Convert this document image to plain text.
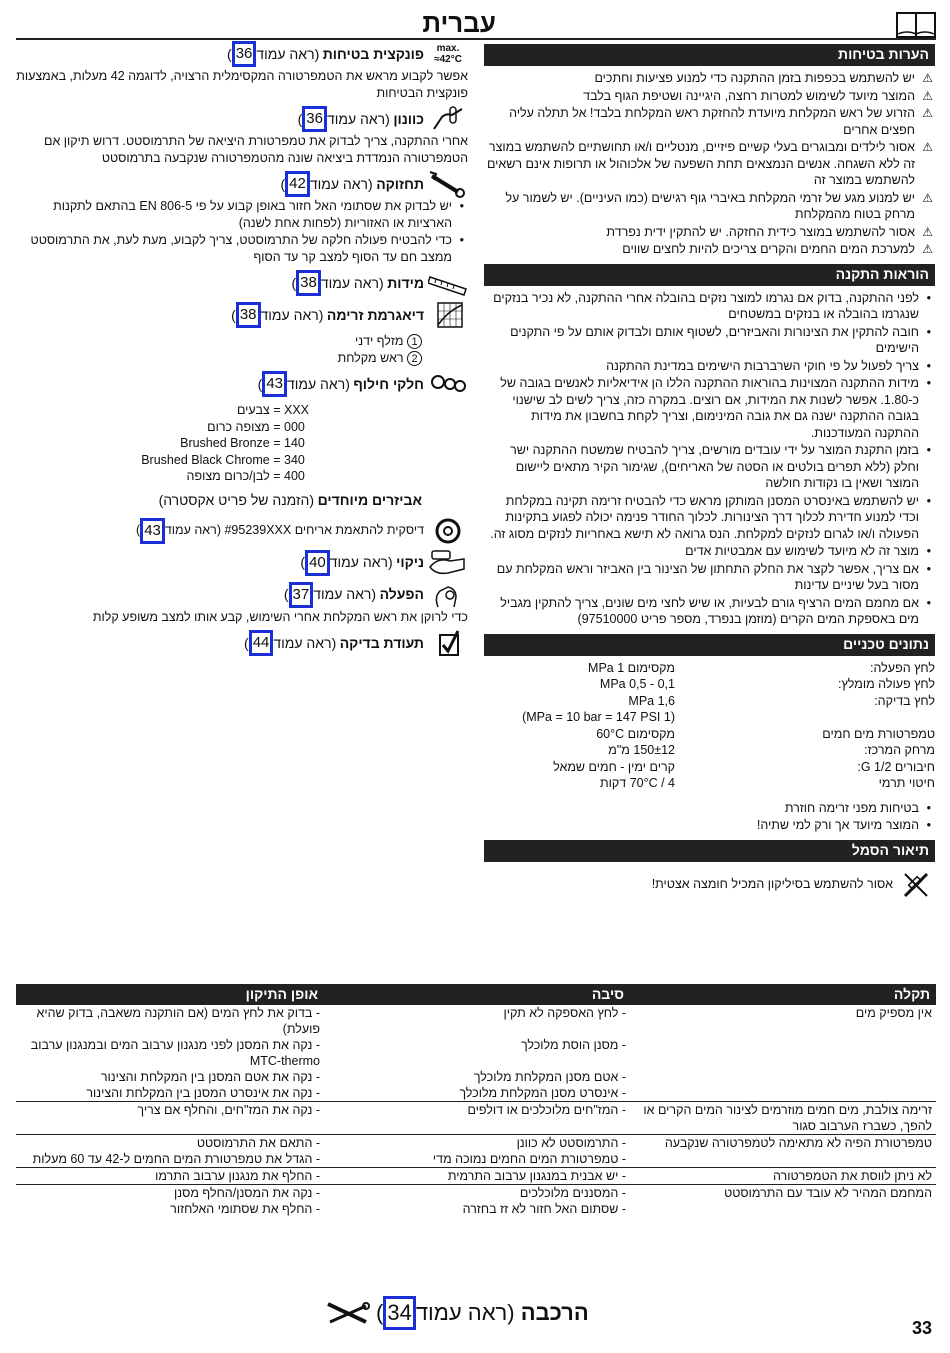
עברית
הערות בטיחות
⚠ יש להשתמש בכפפות בזמן ההתקנה כדי למנוע פציעות וחתכים
⚠ המוצר מיועד לשימוש למטרות רחצה, היגיינה ושטיפת הגוף בלבד
⚠ הזרוע של ראש המקלחת מיועדת להחזקת ראש המקלחת בלבד! אל תתלה עליה חפצים אחרים
⚠ אסור לילדים ומבוגרים בעלי קשיים פיזיים, מנטליים ו/או תחושתיים להשתמש במוצר זה ללא השגחה. אנשים הנמצאים תחת השפעה של אלכוהול או תרופות אינם רשאים להשתמש במוצר זה
⚠ יש למנוע מגע של זרמי המקלחת באיברי גוף רגישים (כמו העיניים). יש לשמור על מרחק בטוח מהמקלחת
⚠ אסור להשתמש במוצר כידית החזקה. יש להתקין ידית נפרדת
⚠ למערכת המים החמים והקרים צריכים להיות לחצים שווים
הוראות התקנה
• לפני ההתקנה, בדוק אם נגרמו למוצר נזקים בהובלה אחרי ההתקנה, לא נכיר בנזקים שנגרמו בהובלה או בנזקים במשטחים
• חובה להתקין את הצינורות והאביזרים, לשטוף אותם ולבדוק אותם על פי התקנים הישימים
• צריך לפעול על פי חוקי השרברבות הישימים במדינת ההתקנה
• מידות ההתקנה המצוינות בהוראות ההתקנה הללו הן אידיאליות לאנשים בגובה של כ-1.80. אפשר לשנות את המידות, אם רוצים. במקרה כזה, צריך לשים לב שישנוי בגובה ההתקנה ישנה גם את גובה המינימום, וצריך לקחת בחשבון את מידות ההתקנה המעודכנות.
• בזמן התקנת המוצר על ידי עובדים מורשים, צריך להבטיח שמשטח ההתקנה ישר וחלק (ללא תפרים בולטים או הסטה של האריחים), שגימור הקיר מתאים ליישום המוצר ושאין בו נקודות חולשה
• יש להשתמש באינסרט המסנן המותקן מראש כדי להבטיח זרימה תקינה במקלחת וכדי למנוע חדירת לכלוך דרך הצינורות. לכלוך החודר פנימה יכולה לפגוע בתקינות הפעולה ו/או לגרום לנזקים למקלחת. הנס גרואה לא תישא באחריות לנזקים מסוג זה.
• מוצר זה לא מיועד לשימוש עם אמבטיות אדים
• אם צריך, אפשר לקצר את החלק התחתון של הצינור בין האביזר וראש המקלחת עם מסור בעל שיניים עדינות
• אם מחמם המים הרציף גורם לבעיות, או שיש לחצי מים שונים, צריך להתקין מגביל מים באספקת המים הקרים (מוזמן בנפרד, מספר פריט 97510000)
נתונים טכניים
לחץ הפעלה:
מקסימום 1 MPa
לחץ פעולה מומלץ:
0,1 - 0,5 MPa
לחץ בדיקה:
1,6 MPa
(1 MPa = 10 bar = 147 PSI)
טמפרטורת מים חמים
מקסימום 60°C
מרחק המרכז:
150±12 מ"מ
חיבורים G 1/2:
קרים ימין - חמים שמאל
חיטוי תרמי
70°C / 4 דקות
• בטיחות מפני זרימה חוזרת
• המוצר מיועד אך ורק למי שתיה!
תיאור הסמל
אסור להשתמש בסיליקון המכיל חומצה אצטית!
max. ≈42°C
פונקצית בטיחות

(ראה עמוד
36
)
אפשר לקבוע מראש את הטמפרטורה המקסימלית הרצויה, לדוגמה 42 מעלות, באמצעות פונקצית הבטיחות
כוונון

(ראה עמוד
36
)
אחרי ההתקנה, צריך לבדוק את טמפרטורת היציאה של התרמוסטט. דרוש תיקון אם הטמפרטורה הנמדדת ביציאה שונה מהטמפרטורה שנקבעה בתרמוסטט
תחזוקה

(ראה עמוד
42
)
• יש לבדוק את שסתומי האל חזור באופן קבוע על פי EN 806-5 בהתאם לתקנות הארציות או האזוריות (לפחות אחת לשנה)
• כדי להבטיח פעולה חלקה של התרמוסטט, צריך לקבוע, מעת לעת, את התרמוסטט ממצב חם עד הסוף למצב קר עד הסוף
מידות

(ראה עמוד
38
)
דיאגרמת זרימה

(ראה עמוד
38
)
1 מזלף ידני
2 ראש מקלחת
חלקי חילוף

(ראה עמוד
43
)
XXX
=
צבעים
000
=
מצופה כרום
140
=
Brushed Bronze
340
=
Brushed Black Chrome
400
=
לבן/כרום מצופה
אביזרים מיוחדים

(הזמנה של פריט אקסטרה)
דיסקית להתאמת אריחים #95239XXX

(ראה עמוד
43
)
ניקוי

(ראה עמוד
40
)
הפעלה

(ראה עמוד
37
)
כדי לרוקן את ראש המקלחת אחרי השימוש, קבע אותו למצב משופע קלות
תעודת בדיקה

(ראה עמוד
44
)
תקלה	סיבה	אופן התיקון
אין מספיק מים	- לחץ האספקה לא תקין	- בדוק את לחץ המים (אם הותקנה משאבה, בדוק שהיא פועלת)
	- מסנן הוסת מלוכלך	- נקה את המסנן לפני מנגנון ערבוב המים ובמנגנון ערבוב MTC-thermo
	- אטם מסנן המקלחת מלוכלך	- נקה את אטם המסנן בין המקלחת והצינור
	- אינסרט מסנן המקלחת מלוכלך	- נקה את אינסרט המסנן בין המקלחת והצינור
זרימה צולבת, מים חמים מוזרמים לצינור המים הקרים או להפך, כשברז הערבוב סגור	- המז"חים מלוכלכים או דולפים	- נקה את המז"חים, והחלף אם צריך
טמפרטורת הפיה לא מתאימה לטמפרטורה שנקבעה	- התרמוסטט לא כוונן	- התאם את התרמוסטט
	- טמפרטורת המים החמים נמוכה מדי	- הגדל את טמפרטורת המים החמים ל-42 עד 60 מעלות
לא ניתן לווסת את הטמפרטורה	- יש אבנית במנגנון ערבוב התרמית	- החלף את מנגנון ערבוב התרמו
המחמם המהיר לא עובד עם התרמוסטט	- המסננים מלוכלכים	- נקה את המסנן/החלף מסנן
	- שסתום האל חזור לא זז בחזרה	- החלף את שסתומי האלחזור
הרכבה

(ראה עמוד
34
)
33
